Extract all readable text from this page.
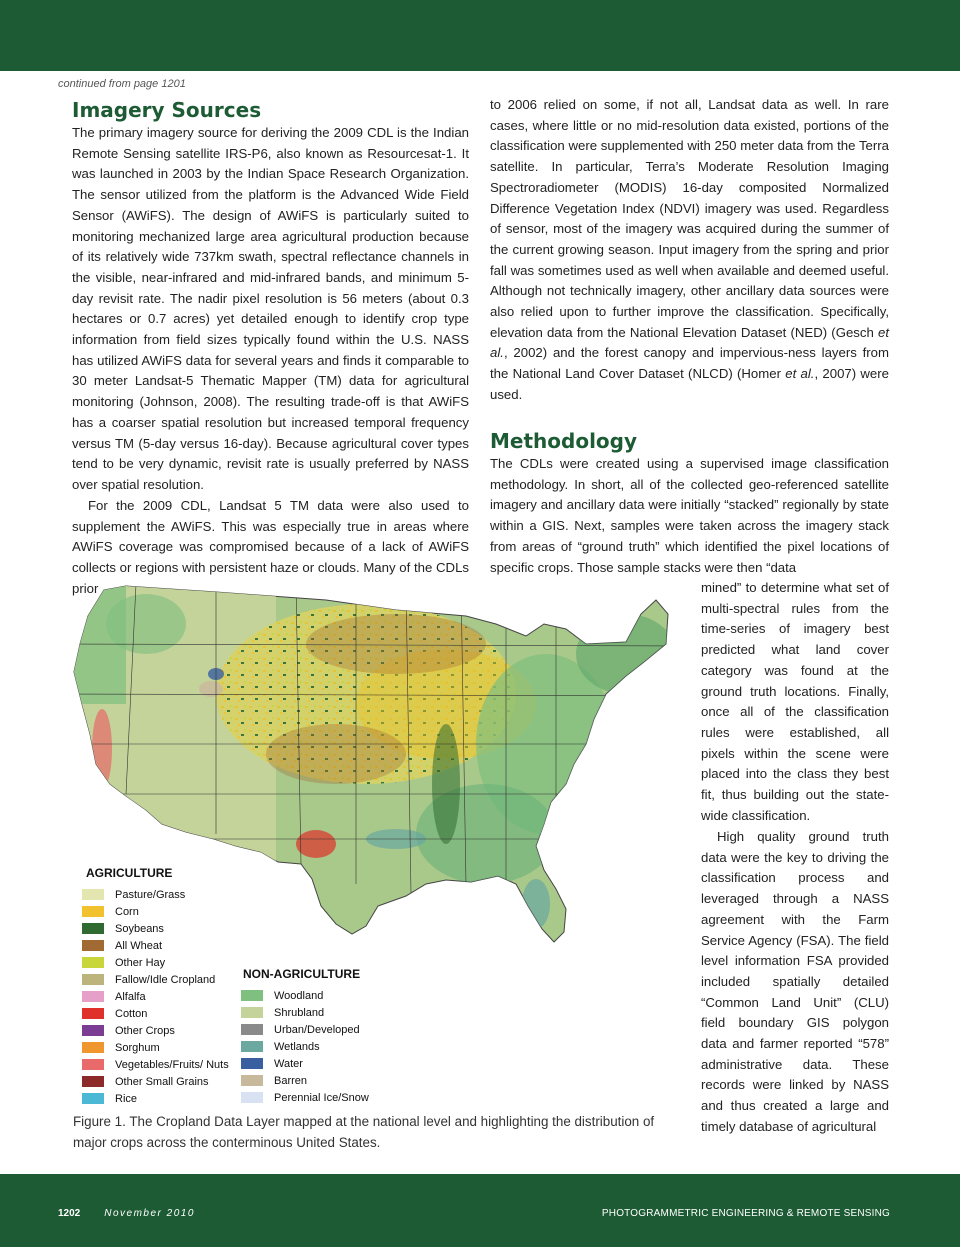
continued from page 1201
Imagery Sources

The primary imagery source for deriving the 2009 CDL is the Indian Remote Sensing satellite IRS-P6, also known as Resourcesat-1. It was launched in 2003 by the Indian Space Research Organization. The sensor utilized from the platform is the Advanced Wide Field Sensor (AWiFS). The design of AWiFS is particularly suited to monitoring mechanized large area agricultural production because of its relatively wide 737km swath, spectral reflectance channels in the visible, near-infrared and mid-infrared bands, and minimum 5-day revisit rate. The nadir pixel resolution is 56 meters (about 0.3 hectares or 0.7 acres) yet detailed enough to identify crop type information from field sizes typically found within the U.S. NASS has utilized AWiFS data for several years and finds it comparable to 30 meter Landsat-5 Thematic Mapper (TM) data for agricultural monitoring (Johnson, 2008). The resulting trade-off is that AWiFS has a coarser spatial resolution but increased temporal frequency versus TM (5-day versus 16-day). Because agricultural cover types tend to be very dynamic, revisit rate is usually preferred by NASS over spatial resolution.

For the 2009 CDL, Landsat 5 TM data were also used to supplement the AWiFS. This was especially true in areas where AWiFS coverage was compromised because of a lack of AWiFS collects or regions with persistent haze or clouds. Many of the CDLs prior

to 2006 relied on some, if not all, Landsat data as well. In rare cases, where little or no mid-resolution data existed, portions of the classification were supplemented with 250 meter data from the Terra satellite. In particular, Terra’s Moderate Resolution Imaging Spectroradiometer (MODIS) 16-day composited Normalized Difference Vegetation Index (NDVI) imagery was used. Regardless of sensor, most of the imagery was acquired during the summer of the current growing season. Input imagery from the spring and prior fall was sometimes used as well when available and deemed useful. Although not technically imagery, other ancillary data sources were also relied upon to further improve the classification. Specifically, elevation data from the National Elevation Dataset (NED) (Gesch et al., 2002) and the forest canopy and impervious-ness layers from the National Land Cover Dataset (NLCD) (Homer et al., 2007) were used.

Methodology

The CDLs were created using a supervised image classification methodology. In short, all of the collected geo-referenced satellite imagery and ancillary data were initially “stacked” regionally by state within a GIS. Next, samples were taken across the imagery stack from areas of “ground truth” which identified the pixel locations of specific crops. Those sample stacks were then “data

mined” to determine what set of multi-spectral rules from the time-series of imagery best predicted what land cover category was found at the ground truth locations. Finally, once all of the classification rules were established, all pixels within the scene were placed into the class they best fit, thus building out the state-wide classification.

High quality ground truth data were the key to driving the classification process and leveraged through a NASS agreement with the Farm Service Agency (FSA). The field level information FSA provided included spatially detailed “Common Land Unit” (CLU) field boundary GIS polygon data and farmer reported “578” administrative data. These records were linked by NASS and thus created a large and timely database of agricultural

AGRICULTURE

Pasture/Grass
Corn
Soybeans
All Wheat
Other Hay
Fallow/Idle Cropland
Alfalfa
Cotton
Other Crops
Sorghum
Vegetables/Fruits/ Nuts
Other Small Grains
Rice

NON-AGRICULTURE

Woodland
Shrubland
Urban/Developed
Wetlands
Water
Barren
Perennial Ice/Snow

Figure 1. The Cropland Data Layer mapped at the national level and highlighting the distribution of major crops across the conterminous United States.

1202 November 2010	PHOTOGRAMMETRIC ENGINEERING & REMOTE SENSING
